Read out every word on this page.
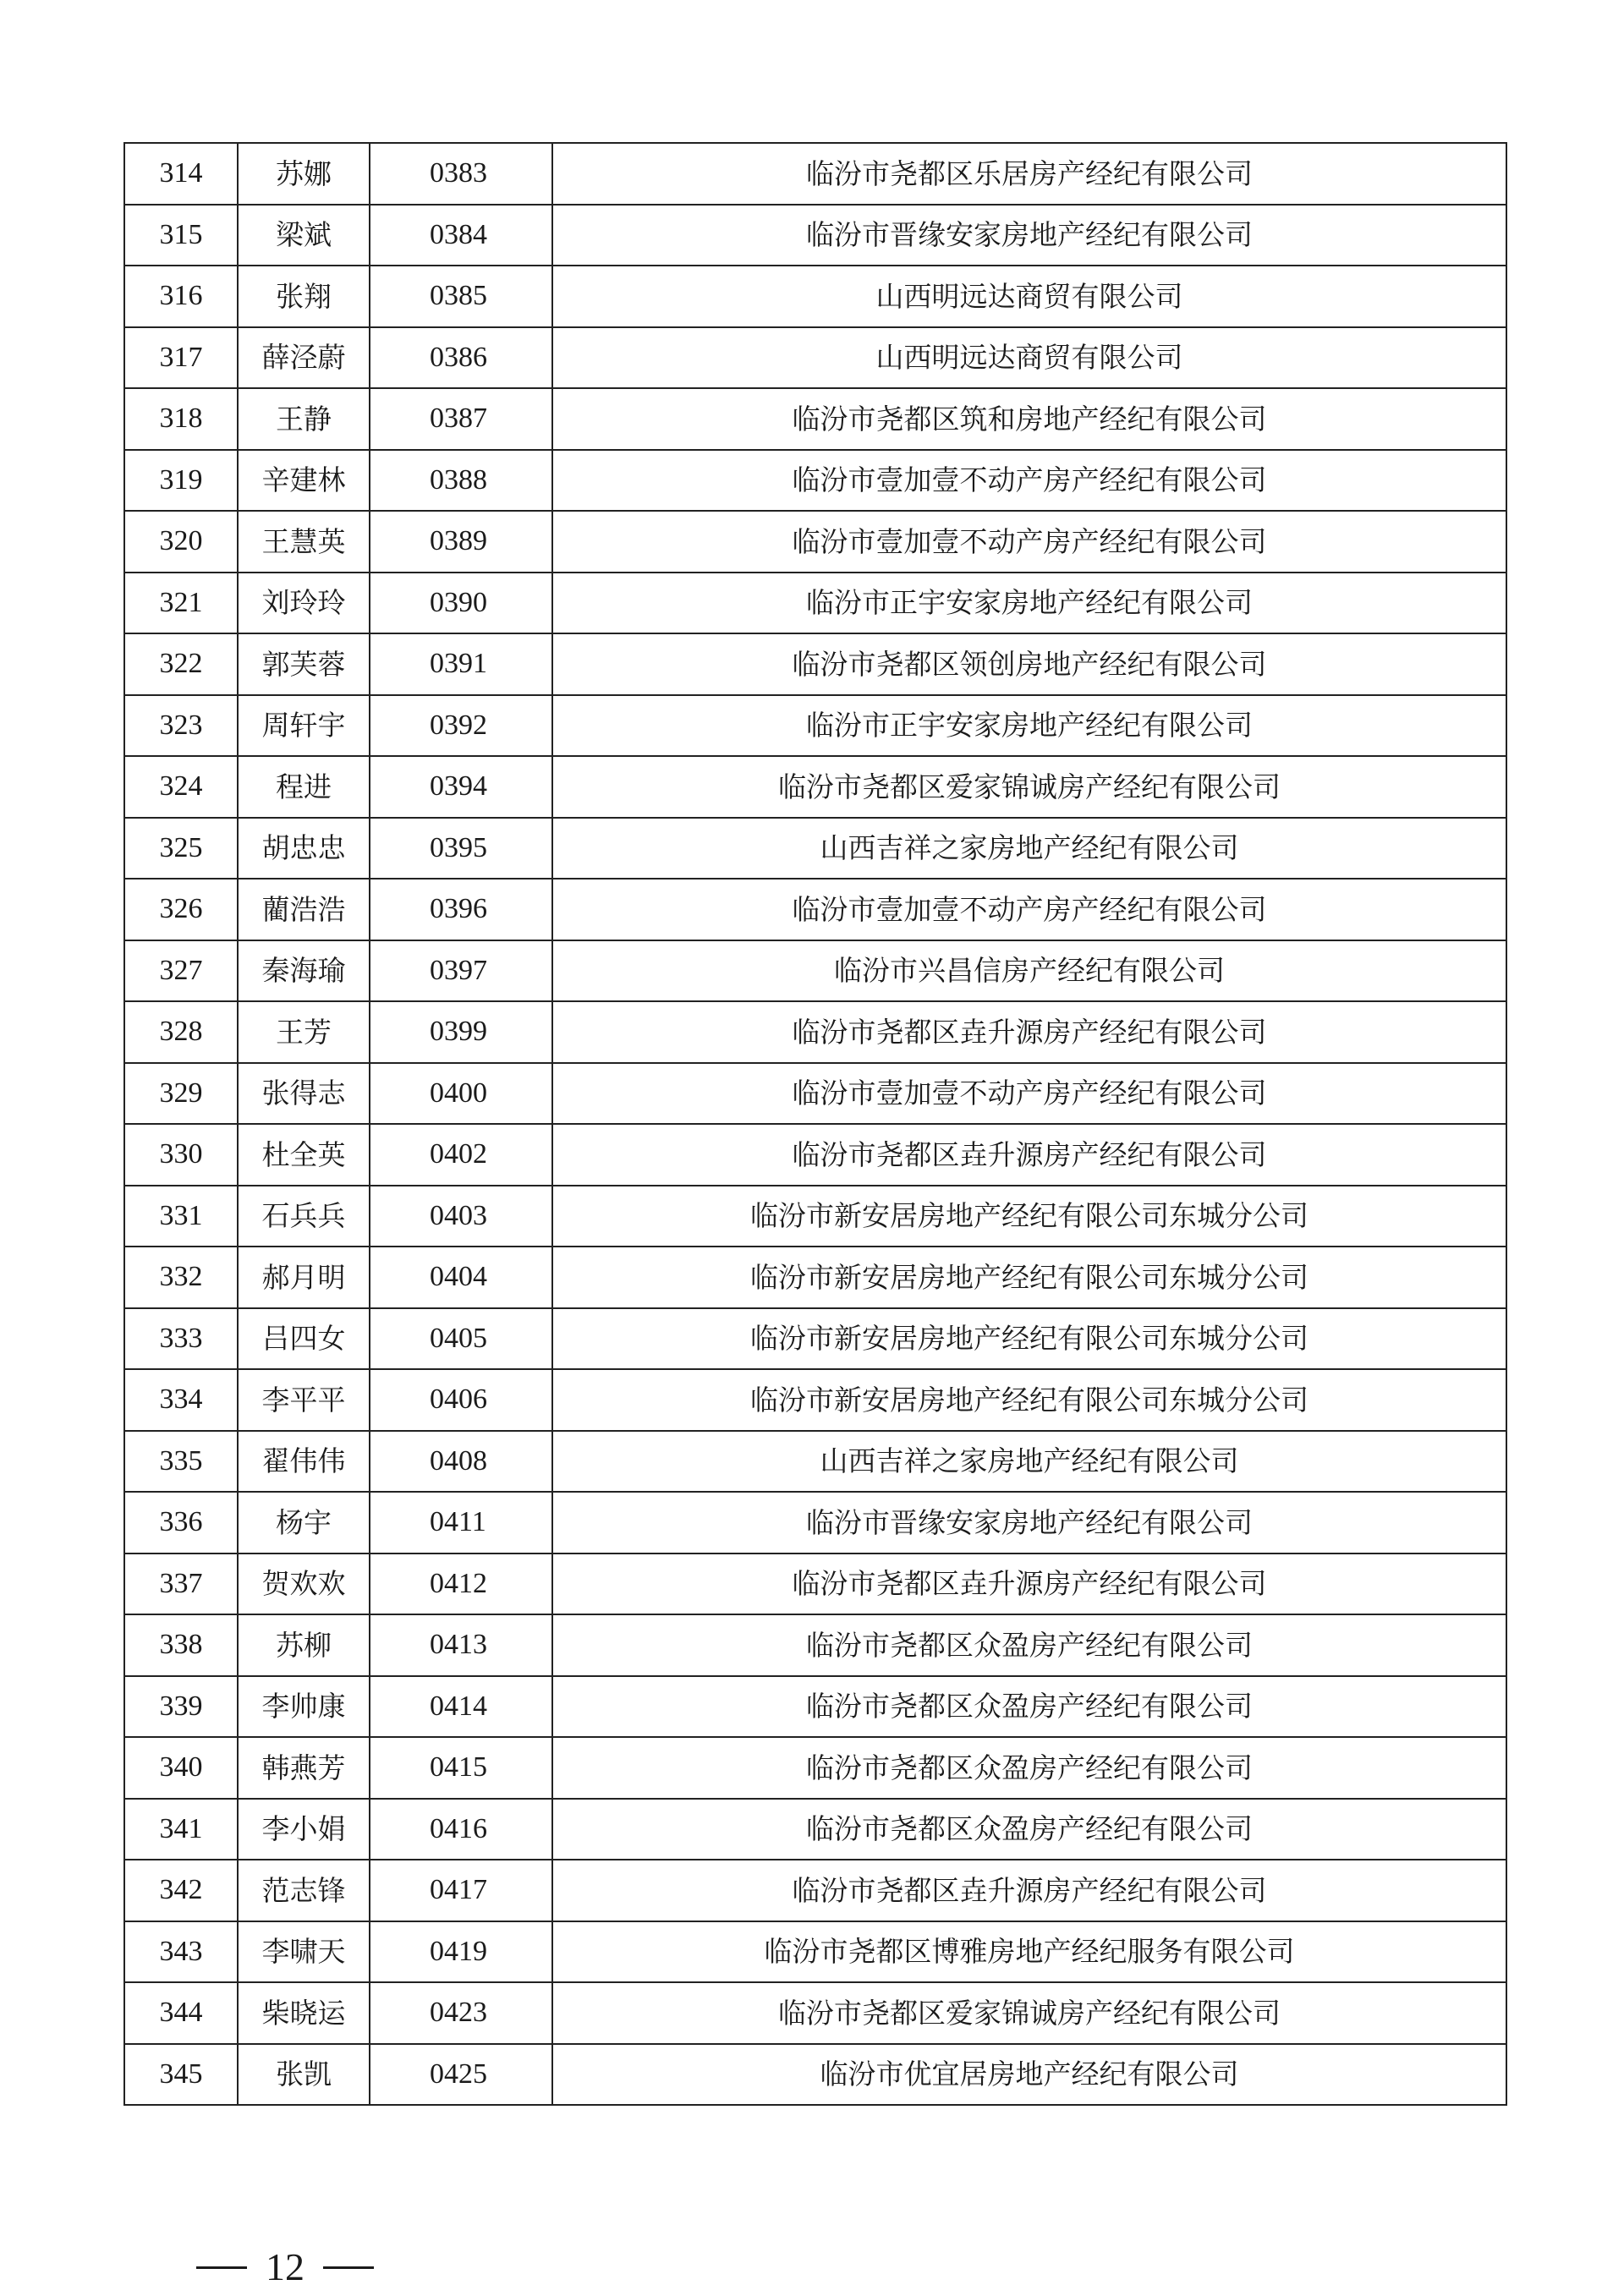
314	苏娜	0383	临汾市尧都区乐居房产经纪有限公司
315	梁斌	0384	临汾市晋缘安家房地产经纪有限公司
316	张翔	0385	山西明远达商贸有限公司
317	薛泾蔚	0386	山西明远达商贸有限公司
318	王静	0387	临汾市尧都区筑和房地产经纪有限公司
319	辛建林	0388	临汾市壹加壹不动产房产经纪有限公司
320	王慧英	0389	临汾市壹加壹不动产房产经纪有限公司
321	刘玲玲	0390	临汾市正宇安家房地产经纪有限公司
322	郭芙蓉	0391	临汾市尧都区领创房地产经纪有限公司
323	周轩宇	0392	临汾市正宇安家房地产经纪有限公司
324	程进	0394	临汾市尧都区爱家锦诚房产经纪有限公司
325	胡忠忠	0395	山西吉祥之家房地产经纪有限公司
326	藺浩浩	0396	临汾市壹加壹不动产房产经纪有限公司
327	秦海瑜	0397	临汾市兴昌信房产经纪有限公司
328	王芳	0399	临汾市尧都区垚升源房产经纪有限公司
329	张得志	0400	临汾市壹加壹不动产房产经纪有限公司
330	杜全英	0402	临汾市尧都区垚升源房产经纪有限公司
331	石兵兵	0403	临汾市新安居房地产经纪有限公司东城分公司
332	郝月明	0404	临汾市新安居房地产经纪有限公司东城分公司
333	吕四女	0405	临汾市新安居房地产经纪有限公司东城分公司
334	李平平	0406	临汾市新安居房地产经纪有限公司东城分公司
335	翟伟伟	0408	山西吉祥之家房地产经纪有限公司
336	杨宇	0411	临汾市晋缘安家房地产经纪有限公司
337	贺欢欢	0412	临汾市尧都区垚升源房产经纪有限公司
338	苏柳	0413	临汾市尧都区众盈房产经纪有限公司
339	李帅康	0414	临汾市尧都区众盈房产经纪有限公司
340	韩燕芳	0415	临汾市尧都区众盈房产经纪有限公司
341	李小娟	0416	临汾市尧都区众盈房产经纪有限公司
342	范志锋	0417	临汾市尧都区垚升源房产经纪有限公司
343	李啸天	0419	临汾市尧都区博雅房地产经纪服务有限公司
344	柴晓运	0423	临汾市尧都区爱家锦诚房产经纪有限公司
345	张凯	0425	临汾市优宜居房地产经纪有限公司
12
